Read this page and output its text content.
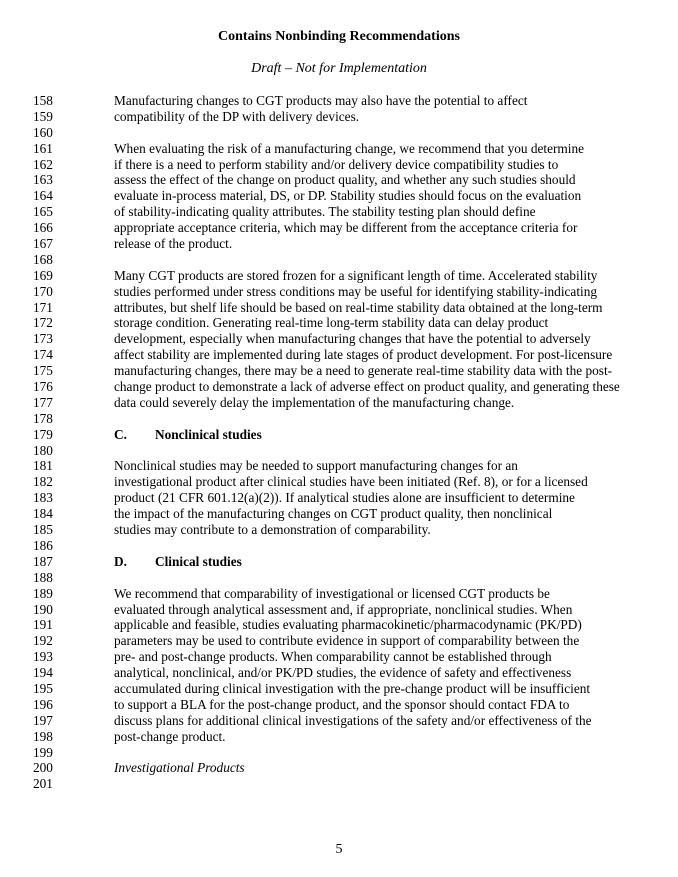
Contains Nonbinding Recommendations
Draft – Not for Implementation
158
159
160
161
162
163
164
165
166
167
168
169
170
171
172
173
174
175
176
177
178
179
180
181
182
183
184
185
186
187
188
189
190
191
192
193
194
195
196
197
198
199
200
201
Manufacturing changes to CGT products may also have the potential to affect
compatibility of the DP with delivery devices.
When evaluating the risk of a manufacturing change, we recommend that you determine
if there is a need to perform stability and/or delivery device compatibility studies to
assess the effect of the change on product quality, and whether any such studies should
evaluate in-process material, DS, or DP. Stability studies should focus on the evaluation
of stability-indicating quality attributes. The stability testing plan should define
appropriate acceptance criteria, which may be different from the acceptance criteria for
release of the product.
Many CGT products are stored frozen for a significant length of time. Accelerated stability
studies performed under stress conditions may be useful for identifying stability-indicating
attributes, but shelf life should be based on real-time stability data obtained at the long-term
storage condition. Generating real-time long-term stability data can delay product
development, especially when manufacturing changes that have the potential to adversely
affect stability are implemented during late stages of product development. For post-licensure
manufacturing changes, there may be a need to generate real-time stability data with the post-
change product to demonstrate a lack of adverse effect on product quality, and generating these
data could severely delay the implementation of the manufacturing change.
C. Nonclinical studies
Nonclinical studies may be needed to support manufacturing changes for an
investigational product after clinical studies have been initiated (Ref. 8), or for a licensed
product (21 CFR 601.12(a)(2)). If analytical studies alone are insufficient to determine
the impact of the manufacturing changes on CGT product quality, then nonclinical
studies may contribute to a demonstration of comparability.
D. Clinical studies
We recommend that comparability of investigational or licensed CGT products be
evaluated through analytical assessment and, if appropriate, nonclinical studies. When
applicable and feasible, studies evaluating pharmacokinetic/pharmacodynamic (PK/PD)
parameters may be used to contribute evidence in support of comparability between the
pre- and post-change products. When comparability cannot be established through
analytical, nonclinical, and/or PK/PD studies, the evidence of safety and effectiveness
accumulated during clinical investigation with the pre-change product will be insufficient
to support a BLA for the post-change product, and the sponsor should contact FDA to
discuss plans for additional clinical investigations of the safety and/or effectiveness of the
post-change product.
Investigational Products
5
